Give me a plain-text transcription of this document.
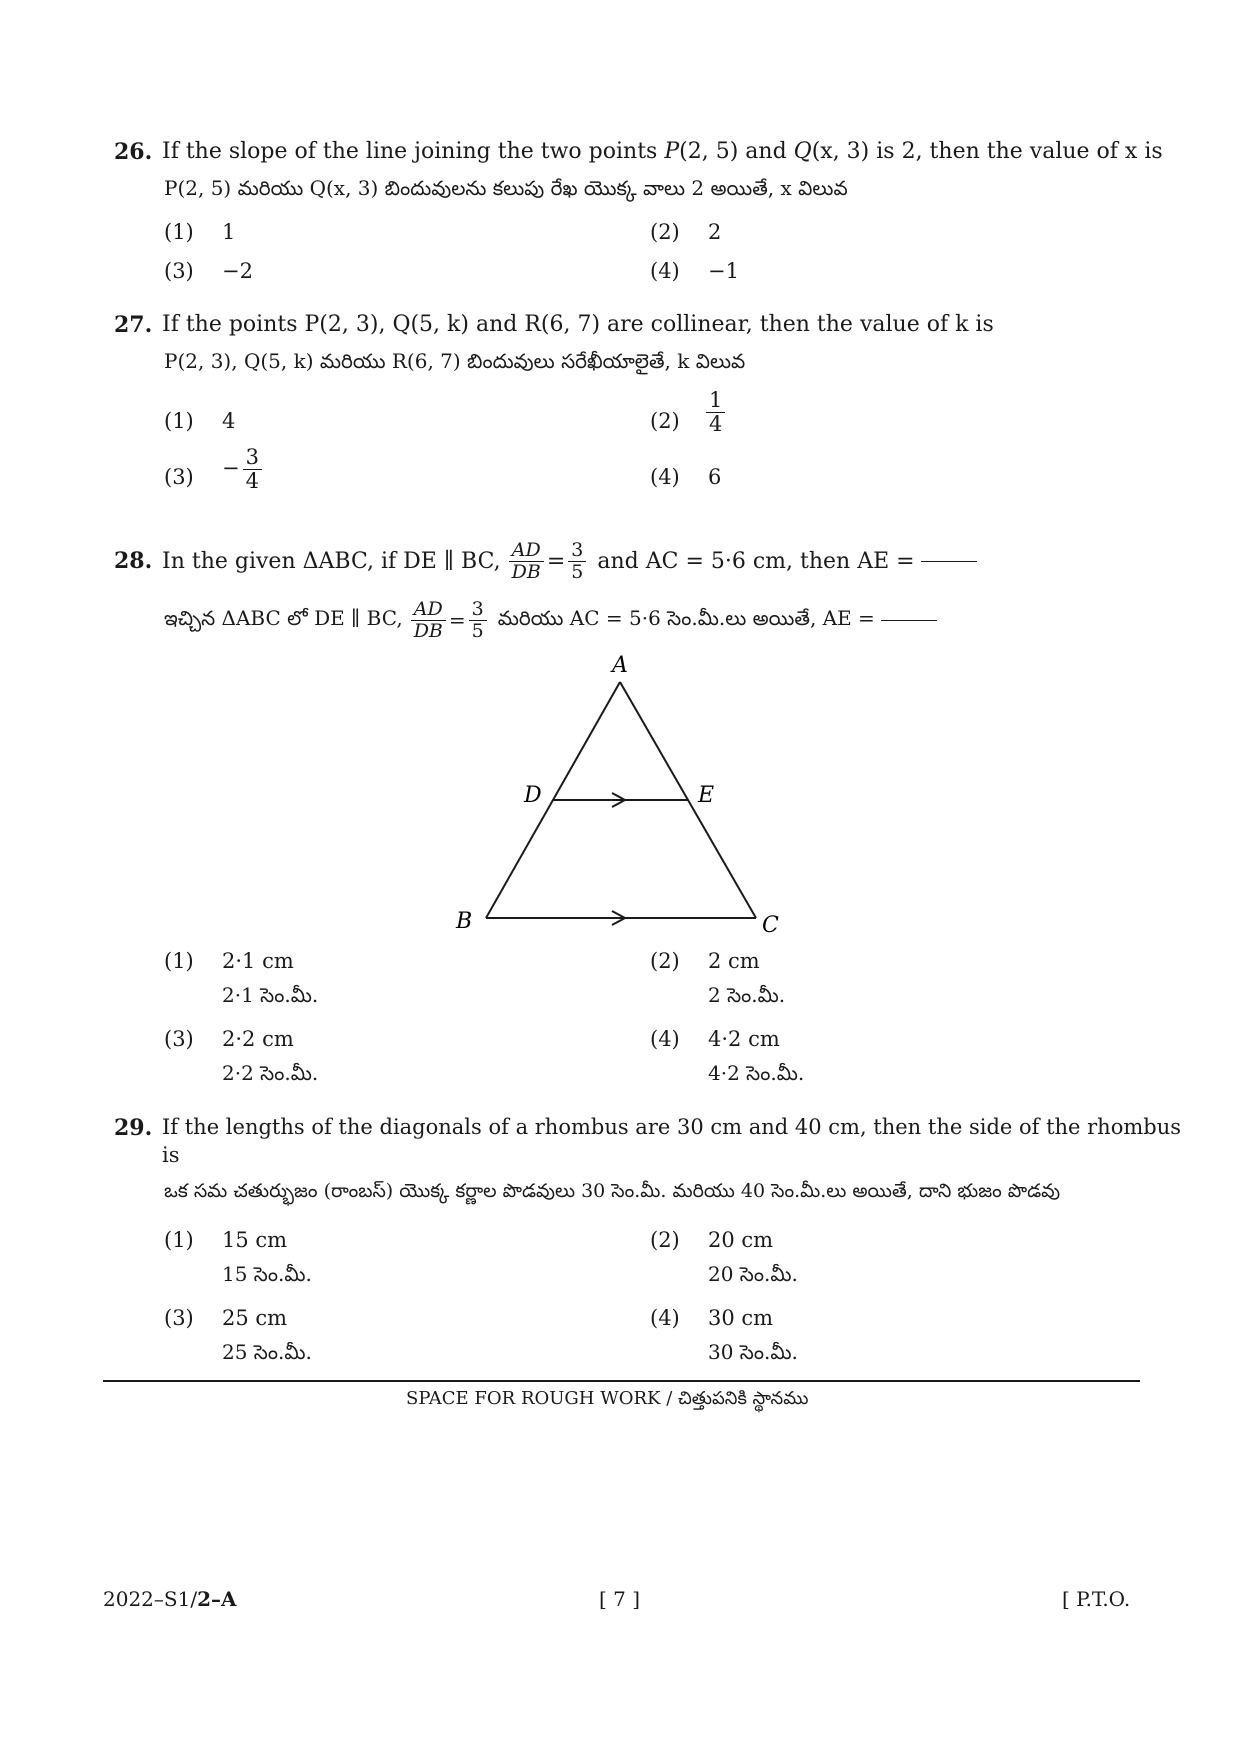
26. If the slope of the line joining the two points P(2, 5) and Q(x, 3) is 2, then the value of x is
P(2, 5) మరియు Q(x, 3) బిందువులను కలుపు రేఖ యొక్క వాలు 2 అయితే, x విలువ
(1) 1	(2) 2
(3) −2	(4) −1
27. If the points P(2, 3), Q(5, k) and R(6, 7) are collinear, then the value of k is
P(2, 3), Q(5, k) మరియు R(6, 7) బిందువులు సరేఖీయాలైతే, k విలువ
(1) 4	$(2) \frac{1}{4}$
$(3) - \frac{3}{4}$	(4) 6
28. In the given ΔABC, if DE ∥ BC, $\frac{AD}{DB} = \frac{3}{5}$ and AC = 5·6 cm, then AE =
ఇచ్చిన ΔABC లో DE ∥ BC, $\frac{AD}{DB} = \frac{3}{5}$ మరియు AC = 5·6 సెం.మీ.లు అయితే, AE =
A
D	E
B	C
(1) 2·1 cm
2·1 సెం.మీ.
(2) 2 cm
2 సెం.మీ.
(3) 2·2 cm
2·2 సెం.మీ.
(4) 4·2 cm
4·2 సెం.మీ.
29. If the lengths of the diagonals of a rhombus are 30 cm and 40 cm, then the side of the rhombus
is
ఒక సమ చతుర్భుజం (రాంబస్) యొక్క కర్ణాల పొడవులు 30 సెం.మీ. మరియు 40 సెం.మీ.లు అయితే, దాని భుజం పొడవు
(1) 15 cm
15 సెం.మీ.
(2) 20 cm
20 సెం.మీ.
(3) 25 cm
25 సెం.మీ.
(4) 30 cm
30 సెం.మీ.
SPACE FOR ROUGH WORK / చిత్తుపనికి స్థానము
2022–S1/2–A	[ 7 ]	[ P.T.O.
